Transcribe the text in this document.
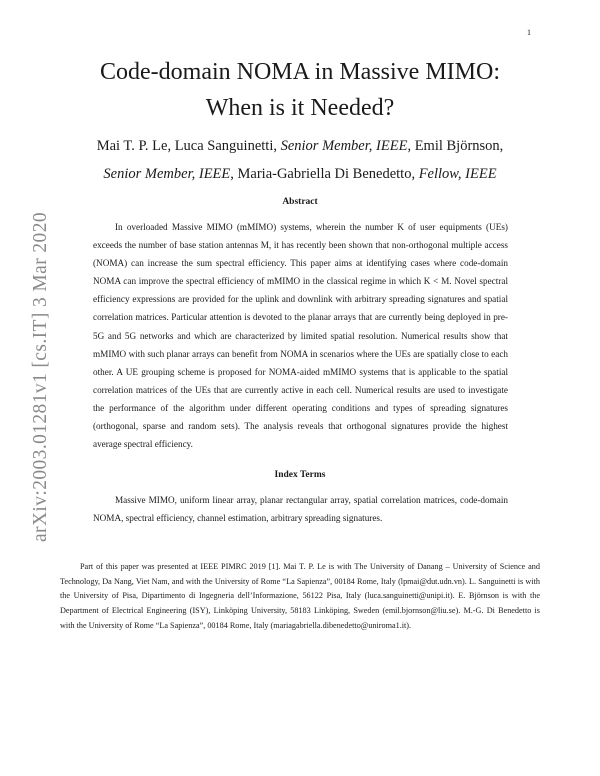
1
arXiv:2003.01281v1 [cs.IT] 3 Mar 2020
Code-domain NOMA in Massive MIMO:
When is it Needed?
Mai T. P. Le, Luca Sanguinetti, Senior Member, IEEE, Emil Björnson, Senior Member, IEEE, Maria-Gabriella Di Benedetto, Fellow, IEEE
Abstract

In overloaded Massive MIMO (mMIMO) systems, wherein the number K of user equipments (UEs) exceeds the number of base station antennas M, it has recently been shown that non-orthogonal multiple access (NOMA) can increase the sum spectral efficiency. This paper aims at identifying cases where code-domain NOMA can improve the spectral efficiency of mMIMO in the classical regime in which K < M. Novel spectral efficiency expressions are provided for the uplink and downlink with arbitrary spreading signatures and spatial correlation matrices. Particular attention is devoted to the planar arrays that are currently being deployed in pre-5G and 5G networks and which are characterized by limited spatial resolution. Numerical results show that mMIMO with such planar arrays can benefit from NOMA in scenarios where the UEs are spatially close to each other. A UE grouping scheme is proposed for NOMA-aided mMIMO systems that is applicable to the spatial correlation matrices of the UEs that are currently active in each cell. Numerical results are used to investigate the performance of the algorithm under different operating conditions and types of spreading signatures (orthogonal, sparse and random sets). The analysis reveals that orthogonal signatures provide the highest average spectral efficiency.

Index Terms

Massive MIMO, uniform linear array, planar rectangular array, spatial correlation matrices, code-domain NOMA, spectral efficiency, channel estimation, arbitrary spreading signatures.

Part of this paper was presented at IEEE PIMRC 2019 [1]. Mai T. P. Le is with The University of Danang – University of Science and Technology, Da Nang, Viet Nam, and with the University of Rome “La Sapienza”, 00184 Rome, Italy (lpmai@dut.udn.vn). L. Sanguinetti is with the University of Pisa, Dipartimento di Ingegneria dell’Informazione, 56122 Pisa, Italy (luca.sanguinetti@unipi.it). E. Björnson is with the Department of Electrical Engineering (ISY), Linköping University, 58183 Linköping, Sweden (emil.bjornson@liu.se). M.-G. Di Benedetto is with the University of Rome “La Sapienza”, 00184 Rome, Italy (mariagabriella.dibenedetto@uniroma1.it).
